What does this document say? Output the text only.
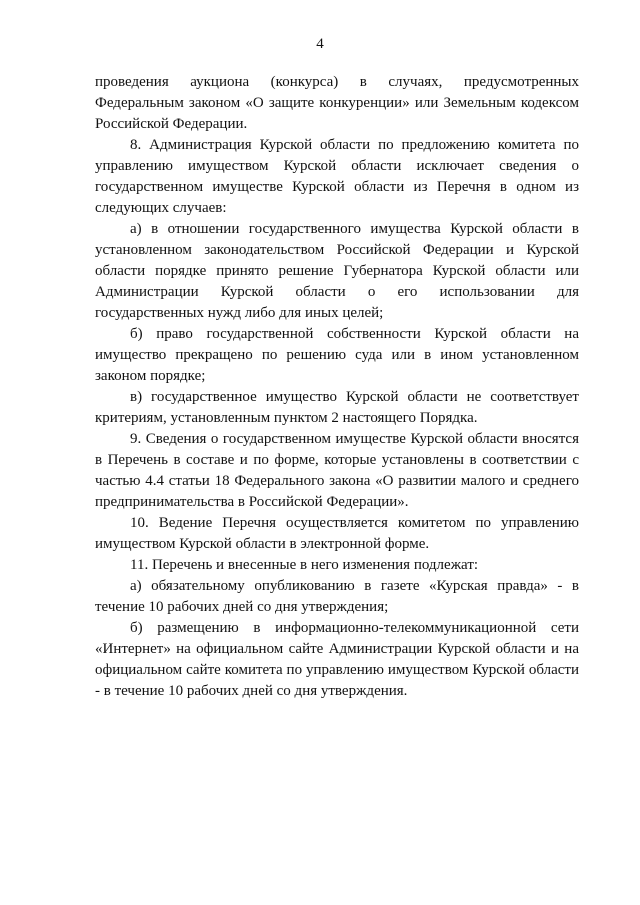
4

проведения аукциона (конкурса) в случаях, предусмотренных Федеральным законом «О защите конкуренции» или Земельным кодексом Российской Федерации.

8. Администрация Курской области по предложению комитета по управлению имуществом Курской области исключает сведения о государственном имуществе Курской области из Перечня в одном из следующих случаев:

а) в отношении государственного имущества Курской области в установленном законодательством Российской Федерации и Курской области порядке принято решение Губернатора Курской области или Администрации Курской области о его использовании для государственных нужд либо для иных целей;

б) право государственной собственности Курской области на имущество прекращено по решению суда или в ином установленном законом порядке;

в) государственное имущество Курской области не соответствует критериям, установленным пунктом 2 настоящего Порядка.

9. Сведения о государственном имуществе Курской области вносятся в Перечень в составе и по форме, которые установлены в соответствии с частью 4.4 статьи 18 Федерального закона «О развитии малого и среднего предпринимательства в Российской Федерации».

10. Ведение Перечня осуществляется комитетом по управлению имуществом Курской области в электронной форме.

11. Перечень и внесенные в него изменения подлежат:

а) обязательному опубликованию в газете «Курская правда» - в течение 10 рабочих дней со дня утверждения;

б) размещению в информационно-телекоммуникационной сети «Интернет» на официальном сайте Администрации Курской области и на официальном сайте комитета по управлению имуществом Курской области - в течение 10 рабочих дней со дня утверждения.
